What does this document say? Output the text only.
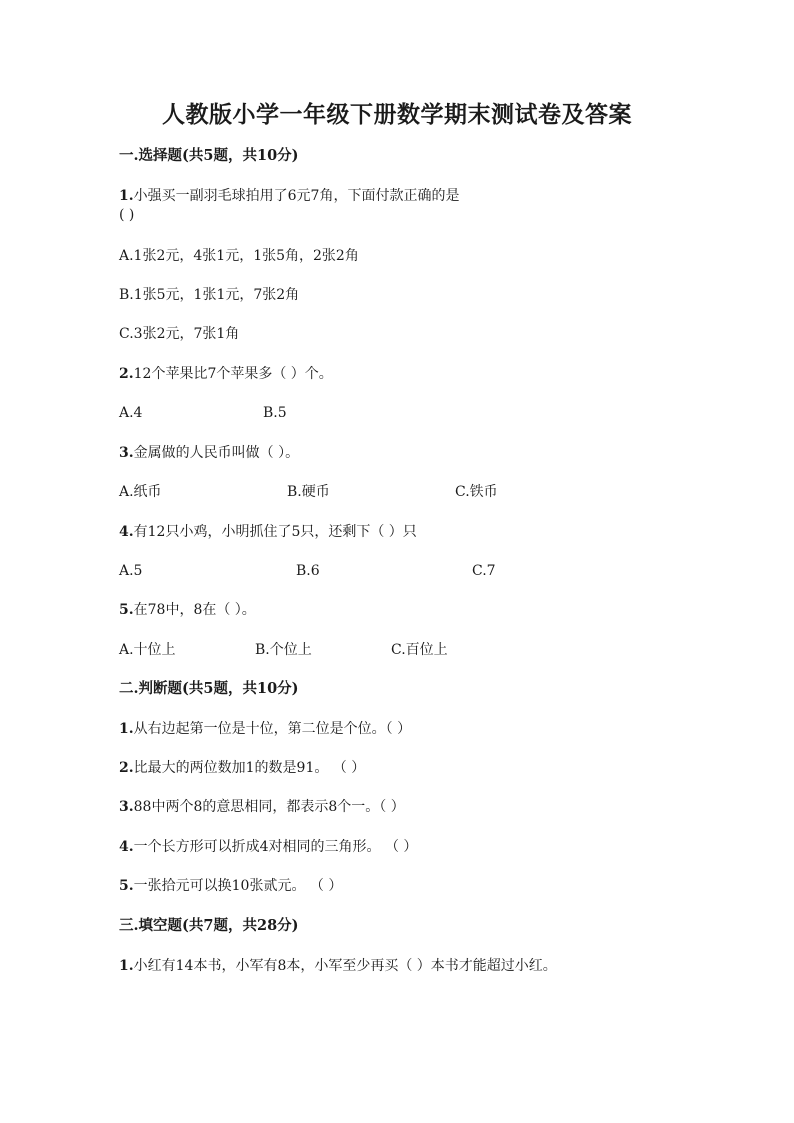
人教版小学一年级下册数学期末测试卷及答案
一.选择题(共5题，共10分)
1.小强买一副羽毛球拍用了6元7角，下面付款正确的是
( )
A.1张2元，4张1元，1张5角，2张2角
B.1张5元，1张1元，7张2角
C.3张2元，7张1角
2.12个苹果比7个苹果多（ ）个。
A.4	B.5
3.金属做的人民币叫做（ ）。
A.纸币	B.硬币	C.铁币
4.有12只小鸡，小明抓住了5只，还剩下（ ）只
A.5	B.6	C.7
5.在78中，8在（ ）。
A.十位上	B.个位上	C.百位上
二.判断题(共5题，共10分)
1.从右边起第一位是十位，第二位是个位。（ ）
2.比最大的两位数加1的数是91。 （ ）
3.88中两个8的意思相同，都表示8个一。（ ）
4.一个长方形可以折成4对相同的三角形。 （ ）
5.一张拾元可以换10张贰元。 （ ）
三.填空题(共7题，共28分)
1.小红有14本书，小军有8本，小军至少再买（ ）本书才能超过小红。
